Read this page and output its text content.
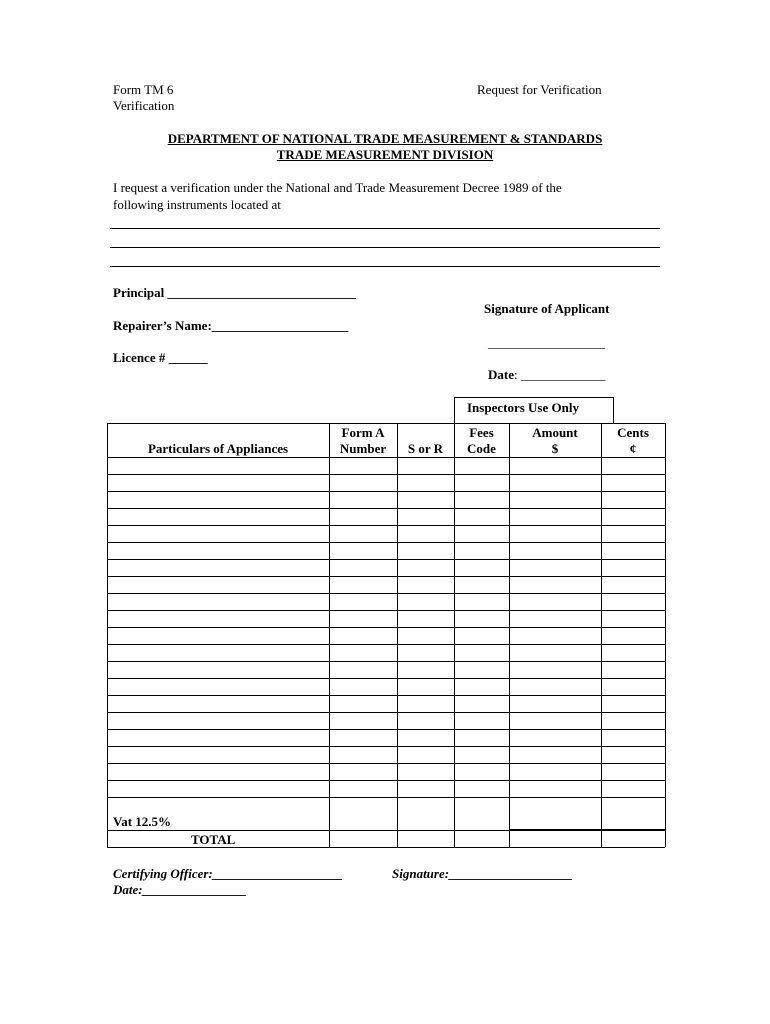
Form TM 6
Verification
Request for Verification
DEPARTMENT OF NATIONAL TRADE MEASUREMENT & STANDARDS
TRADE MEASUREMENT DIVISION
I request a verification under the National and Trade Measurement Decree 1989 of the
following instruments located at
Principal _____________________________
Repairer’s Name:_____________________
Licence # ______
Signature of Applicant
__________________
Date: _____________
Inspectors Use Only
Particulars of Appliances
Form A
Number	S or R
Fees
Code
Amount
$
Cents
¢
Vat 12.5%
TOTAL
Certifying Officer:____________________	Signature:___________________
Date:________________
